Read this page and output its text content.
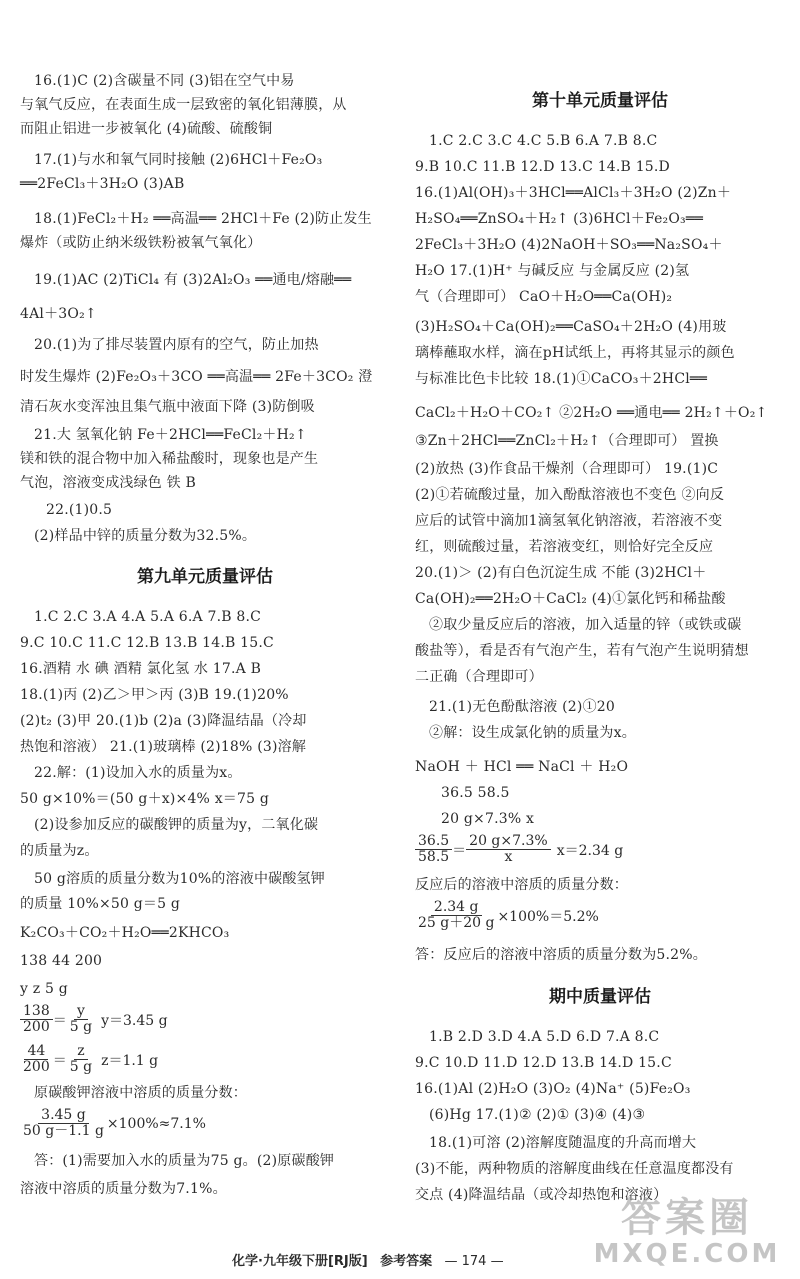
16.(1)C (2)含碳量不同 (3)铝在空气中易
与氧气反应，在表面生成一层致密的氧化铝薄膜，从
而阻止铝进一步被氧化 (4)硫酸、硫酸铜
17.(1)与水和氧气同时接触 (2)6HCl＋Fe₂O₃
══2FeCl₃＋3H₂O (3)AB
18.(1)FeCl₂＋H₂ ══高温══ 2HCl＋Fe (2)防止发生
爆炸（或防止纳米级铁粉被氧气氧化）
19.(1)AC (2)TiCl₄ 有 (3)2Al₂O₃ ══通电/熔融══
4Al＋3O₂↑
20.(1)为了排尽装置内原有的空气，防止加热
时发生爆炸 (2)Fe₂O₃＋3CO ══高温══ 2Fe＋3CO₂ 澄
清石灰水变浑浊且集气瓶中液面下降 (3)防倒吸
21.大 氢氧化钠 Fe＋2HCl══FeCl₂＋H₂↑
镁和铁的混合物中加入稀盐酸时，现象也是产生
气泡，溶液变成浅绿色 铁 B
22.(1)0.5
(2)样品中锌的质量分数为32.5%。
第九单元质量评估
1.C 2.C 3.A 4.A 5.A 6.A 7.B 8.C
9.C 10.C 11.C 12.B 13.B 14.B 15.C
16.酒精 水 碘 酒精 氯化氢 水 17.A B
18.(1)丙 (2)乙＞甲＞丙 (3)B 19.(1)20%
(2)t₂ (3)甲 20.(1)b (2)a (3)降温结晶（冷却
热饱和溶液） 21.(1)玻璃棒 (2)18% (3)溶解
22.解：(1)设加入水的质量为x。
50 g×10%＝(50 g＋x)×4% x＝75 g
(2)设参加反应的碳酸钾的质量为y，二氧化碳
的质量为z。
50 g溶质的质量分数为10%的溶液中碳酸氢钾
的质量 10%×50 g＝5 g
K₂CO₃＋CO₂＋H₂O══2KHCO₃
138 44 200
y z 5 g
$\frac{138}{200} = \frac{y}{5 g} y=3.45$ g
$\frac{44}{200} = \frac{z}{5 g} z=1.1$ g
原碳酸钾溶液中溶质的质量分数：
$\frac{3.45 g}{50 g-1.1 g} \times 100\%\approx 7.1\%$
答：(1)需要加入水的质量为75 g。(2)原碳酸钾
溶液中溶质的质量分数为7.1%。
第十单元质量评估
1.C 2.C 3.C 4.C 5.B 6.A 7.B 8.C
9.B 10.C 11.B 12.D 13.C 14.B 15.D
16.(1)Al(OH)₃＋3HCl══AlCl₃＋3H₂O (2)Zn＋
H₂SO₄══ZnSO₄＋H₂↑ (3)6HCl＋Fe₂O₃══
2FeCl₃＋3H₂O (4)2NaOH＋SO₃══Na₂SO₄＋
H₂O 17.(1)H⁺ 与碱反应 与金属反应 (2)氢
气（合理即可） CaO＋H₂O══Ca(OH)₂
(3)H₂SO₄＋Ca(OH)₂══CaSO₄＋2H₂O (4)用玻
璃棒蘸取水样，滴在pH试纸上，再将其显示的颜色
与标准比色卡比较 18.(1)①CaCO₃＋2HCl══
CaCl₂＋H₂O＋CO₂↑ ②2H₂O ══通电══ 2H₂↑＋O₂↑
③Zn＋2HCl══ZnCl₂＋H₂↑（合理即可） 置换
(2)放热 (3)作食品干燥剂（合理即可） 19.(1)C
(2)①若硫酸过量，加入酚酞溶液也不变色 ②向反
应后的试管中滴加1滴氢氧化钠溶液，若溶液不变
红，则硫酸过量，若溶液变红，则恰好完全反应
20.(1)＞ (2)有白色沉淀生成 不能 (3)2HCl＋
Ca(OH)₂══2H₂O＋CaCl₂ (4)①氯化钙和稀盐酸
②取少量反应后的溶液，加入适量的锌（或铁或碳
酸盐等），看是否有气泡产生，若有气泡产生说明猜想
二正确（合理即可）
21.(1)无色酚酞溶液 (2)①20
②解：设生成氯化钠的质量为x。
NaOH ＋ HCl ══ NaCl ＋ H₂O
36.5 58.5
20 g×7.3% x
$\frac{36.5}{58.5} = \frac{20 g\times 7.3\%}{x} x=2.34$ g
反应后的溶液中溶质的质量分数：
$\frac{2.34 g}{25 g+20 g} \times 100\%=5.2\%$
答：反应后的溶液中溶质的质量分数为5.2%。
期中质量评估
1.B 2.D 3.D 4.A 5.D 6.D 7.A 8.C
9.C 10.D 11.D 12.D 13.B 14.D 15.C
16.(1)Al (2)H₂O (3)O₂ (4)Na⁺ (5)Fe₂O₃
(6)Hg 17.(1)② (2)① (3)④ (4)③
18.(1)可溶 (2)溶解度随温度的升高而增大
(3)不能，两种物质的溶解度曲线在任意温度都没有
交点 (4)降温结晶（或冷却热饱和溶液）
化学·九年级下册[RJ版] 参考答案 — 174 —
答案圈
MXQE.COM
